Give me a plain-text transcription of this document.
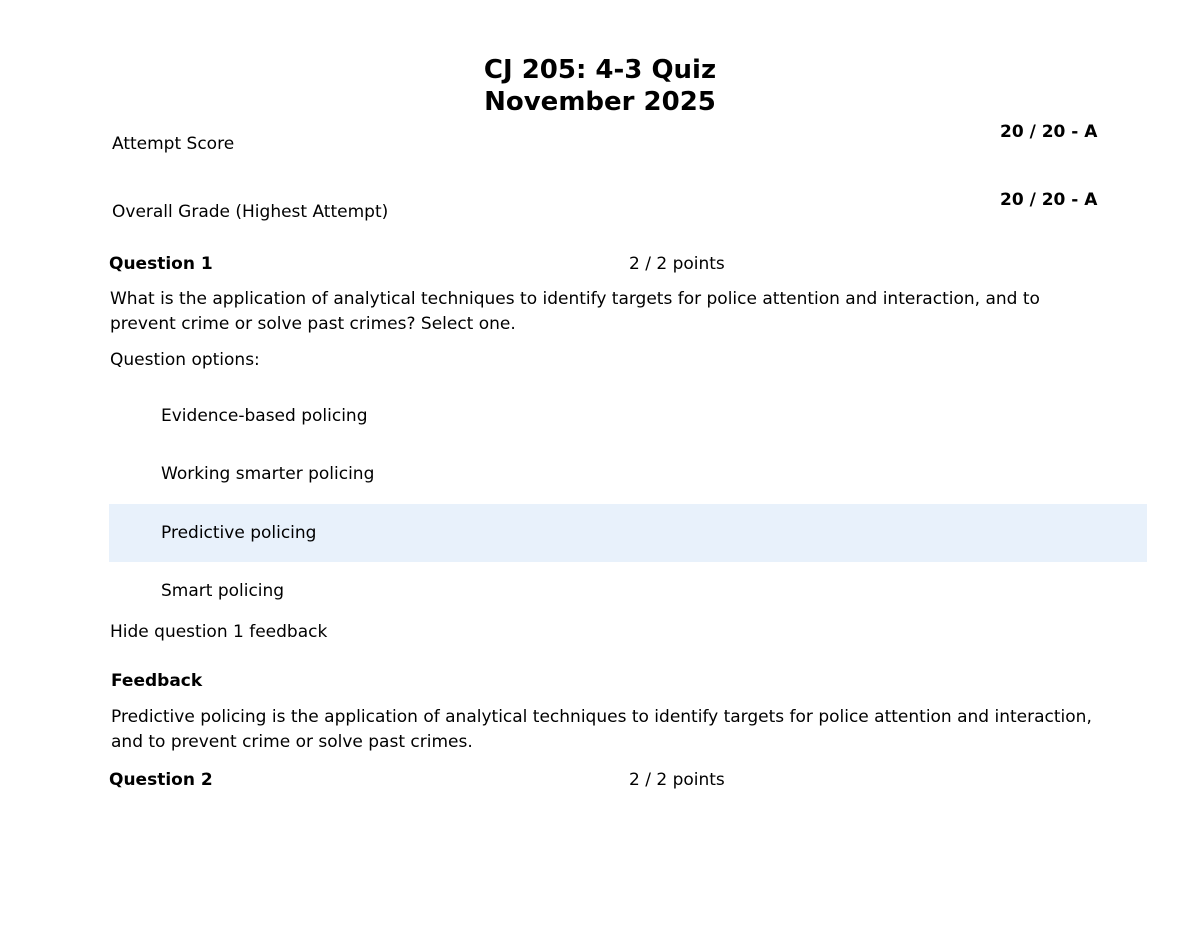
CJ 205: 4-3 Quiz
November 2025
Attempt Score
20 / 20 - A
Overall Grade (Highest Attempt)
20 / 20 - A
Question 1	2 / 2 points
What is the application of analytical techniques to identify targets for police attention and interaction, and to prevent crime or solve past crimes? Select one.
Question options:
Evidence-based policing
Working smarter policing
Predictive policing
Smart policing
Hide question 1 feedback
Feedback
Predictive policing is the application of analytical techniques to identify targets for police attention and interaction, and to prevent crime or solve past crimes.
Question 2	2 / 2 points
